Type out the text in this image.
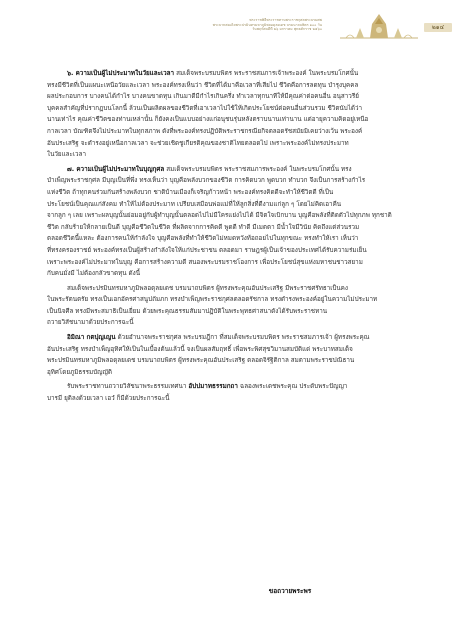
พระราชพิธีพระราชทานพระราชกุศลพระบรมศพ
พระบาทสมเด็จพระปรมินทรมหาภูมิพลอดุลยเดช บรมนาถบพิตร ๑๐๐ วัน
วันพฤหัสบดีที่ ๒๖ มกราคม พุทธศักราช ๒๕๖๐	๒๑๔

๖. ความเป็นผู้ไม่ประมาทในวัยและเวลา สมเด็จพระบรมบพิตร พระราชสมภารเจ้าพระองค์ ในพระบรมโกศนั้น

ทรงมีชีวิตที่เป็นแผนะเหนือวัยและเวลา พระองค์ทรงเห็นว่า ชีวิตที่ได้มาคือเวลาที่เสียไป ชีวิตคือการลดทุน บำรุงบุคคล

ผลประกอบการ บางคนได้กำไร บางคนขาดทุน เกินมาดีมีกำไรเกินครึ่ง ทำเวลาทุกนาทีให้มีคุณค่าต่อคนอื่น อนุสาวรีย์

บุคคลสำคัญที่ปรากฏบนโลกนี้ ล้วนเป็นผลิตผลของชีวิตที่เอาเวลาไปใช้ให้เกิดประโยชน์ต่อคนอื่นส่วนรวม ชีวิตนับได้ว่า

นานเท่าไร คุณค่าชีวิตของท่านเหล่านั้น ก็ยังคงเป็นแบบอย่างแก่อนุชนรุ่นหลังตราบนานเท่านาน แต่อายุความคิดอยู่เหนือ

กาลเวลา บัณฑิตจึงไม่ประมาทในทุกสภาพ ดังที่พระองค์ทรงปฏิบัติพระราชกรณียกิจตลอดรัชสมัยมิเคยว่างเว้น พระองค์

อันประเสริฐ จะดำรงอยู่เหนือกาลเวลา จะช่วยเชิดชูเกียรติคุณของชาติไทยตลอดไป เพราะพระองค์ไม่ทรงประมาท

ในวัยและเวลา

๗. ความเป็นผู้ไม่ประมาทในบุญกุศล สมเด็จพระบรมบพิตร พระราชสมภารพระองค์ ในพระบรมโกศนั้น ทรง

บำเพ็ญพระราชกุศล มีบุญเป็นที่พึ่ง ทรงเห็นว่า บุญคือพลังบวกของชีวิต การคิดบวก พูดบวก ทำบวก จึงเป็นการสร้างกำไร

แห่งชีวิต ถ้าทุกคนร่วมกันสร้างพลังบวก ชาติบ้านเมืองก็เจริญก้าวหน้า พระองค์ทรงคิดดีจะทำให้ชีวิตดี ที่เป็น

ประโยชน์เป็นคุณแก่สังคม ทำให้ไม่ต้องประมาท เปรียบเสมือนพ่อแม่ที่ให้ลูกสิ่งที่ดีงามแก่ลูก ๆ โดยไม่คิดเอาคืน

จากลูก ๆ เลย เพราะผลบุญนั้นย่อมอยู่กับผู้ทำบุญนั้นตลอดไปไม่มีใครแย่งไปได้ มีจิตใจเบิกบาน บุญคือพลังที่ติดตัวไปทุกภพ ทุกชาติ

ชีวิต กลับร้ายให้กลายเป็นดี บุญคือชีวิตในชีวิต ที่ผลิตจากการคิดดี พูดดี ทำดี มีเมตตา มีน้ำใจมีวินัย คิดถึงแต่ส่วนรวม

ตลอดชีวิตนี้แหละ ต้องการคนให้กำลังใจ บุญคือพลังที่ทำให้ชีวิตไม่หมดหวังท้อถอยไปในทุกขณะ ทรงทำให้เรา เห็นว่า

ที่ทรงครองราชย์ พระองค์ทรงเป็นผู้สร้างกำลังใจให้แก่ประชาชน ตลอดมา ราษฎรผู้เป็นเจ้าของประเทศได้รับความร่มเย็น

เพราะพระองค์ไม่ประมาทในบุญ คือการสร้างความดี สนองพระบรมราชโองการ เพื่อประโยชน์สุขแห่งมหาชนชาวสยาม

กับคนมั่งมี ไม่ต้องกลัวขาดทุน ดังนี้

สมเด็จพระปรมินทรมหาภูมิพลอดุลยเดช บรมนาถบพิตร ผู้ทรงพระคุณอันประเสริฐ มีพระราชศรัทธาเป็นคง

ในพระรัตนตรัย ทรงเป็นเอกอัครศาสนูปถัมภก ทรงบำเพ็ญพระราชกุศลตลอดรัชกาล ทรงดำรงพระองค์อยู่ในความไม่ประมาท

เป็นนิจศีล ทรงมีพระสมาธิเป็นเยี่ยม ด้วยพระคุณธรรมสัมมาปฏิบัติในพระพุทธศาสนาดังได้รับพระราชทาน

ถวายวิสัชนามาด้วยประการฉะนี้

อิมิณา กตปุญเญน ด้วยอำนาจพระราชกุศล พระบรมฎีกา ที่สมเด็จพระบรมบพิตร พระราชสมภารเจ้า ผู้ทรงพระคุณ

อันประเสริฐ ทรงบำเพ็ญอุทิศให้เป็นในเบื้องต้นแล้วนี้ จงเป็นผลสัมฤทธิ์ เพื่อพระพิศสุขวิมานสมบัติแด่ พระบาทสมเด็จ

พระปรมินทรมหาภูมิพลอดุลยเดช บรมนาถบพิตร ผู้ทรงพระคุณอันประเสริฐ ตลอดจิรัฐิติกาล สมตามพระราชปณิธาน

อุทิศโดยภูมิธรรมบัญญัติ

รับพระราชทานถวายวิสัชนาพระธรรมเทศนา อัปปมาทธรรมกถา ฉลองพระเดชพระคุณ ประดับพระปัญญา

บารมี ยุติลงด้วยเวลา เอวํ ก็มีด้วยประการฉะนี้

ขอถวายพระพร
